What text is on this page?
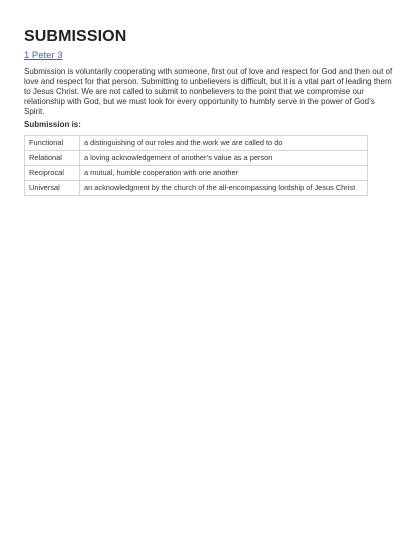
SUBMISSION
1 Peter 3

Submission is voluntarily cooperating with someone, first out of love and respect for God and then out of love and respect for that person. Submitting to unbelievers is difficult, but it is a vital part of leading them to Jesus Christ. We are not called to submit to nonbelievers to the point that we compromise our relationship with God, but we must look for every opportunity to humbly serve in the power of God’s Spirit.

Submission is:

Functional	a distinguishing of our roles and the work we are called to do
Relational	a loving acknowledgement of another’s value as a person
Reciprocal	a mutual, humble cooperation with one another
Universal	an acknowledgment by the church of the all-encompassing lordship of Jesus Christ
